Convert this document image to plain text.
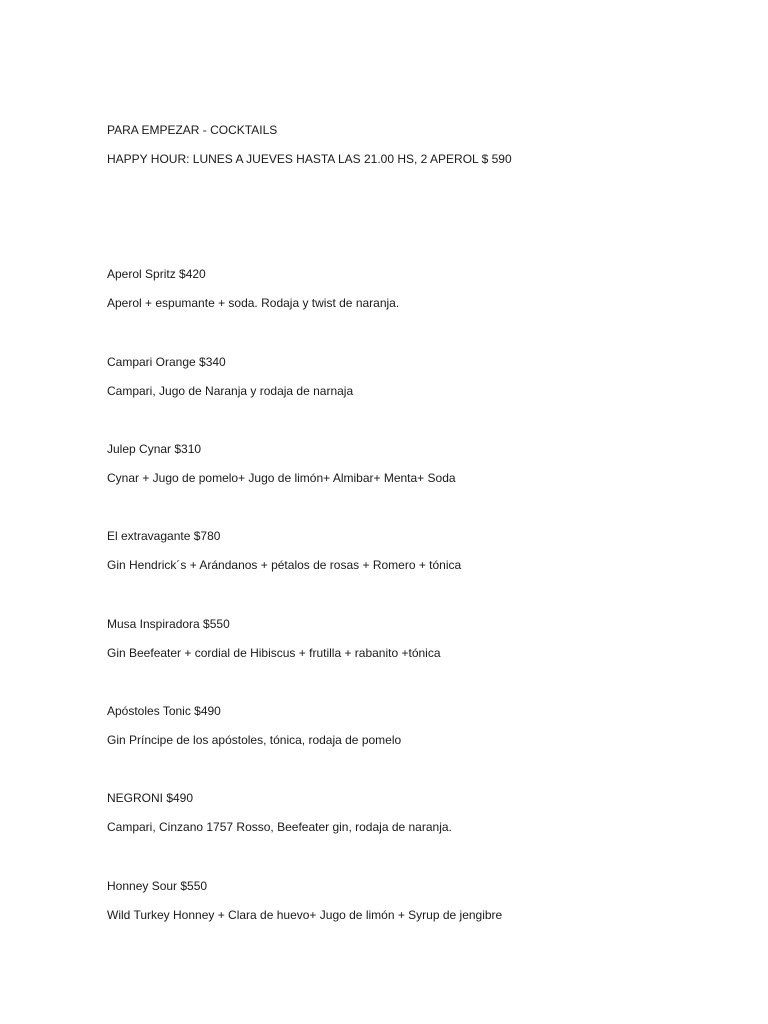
PARA EMPEZAR - COCKTAILS
HAPPY HOUR: LUNES A JUEVES HASTA LAS 21.00 HS, 2 APEROL $ 590
Aperol Spritz $420
Aperol + espumante + soda. Rodaja y twist de naranja.
Campari Orange $340
Campari, Jugo de Naranja y rodaja de narnaja
Julep Cynar $310
Cynar + Jugo de pomelo+ Jugo de limón+ Almibar+ Menta+ Soda
El extravagante $780
Gin Hendrick´s + Arándanos + pétalos de rosas + Romero + tónica
Musa Inspiradora $550
Gin Beefeater + cordial de Hibiscus + frutilla + rabanito +tónica
Apóstoles Tonic $490
Gin Príncipe de los apóstoles, tónica, rodaja de pomelo
NEGRONI $490
Campari, Cinzano 1757 Rosso, Beefeater gin, rodaja de naranja.
Honney Sour $550
Wild Turkey Honney + Clara de huevo+ Jugo de limón + Syrup de jengibre
